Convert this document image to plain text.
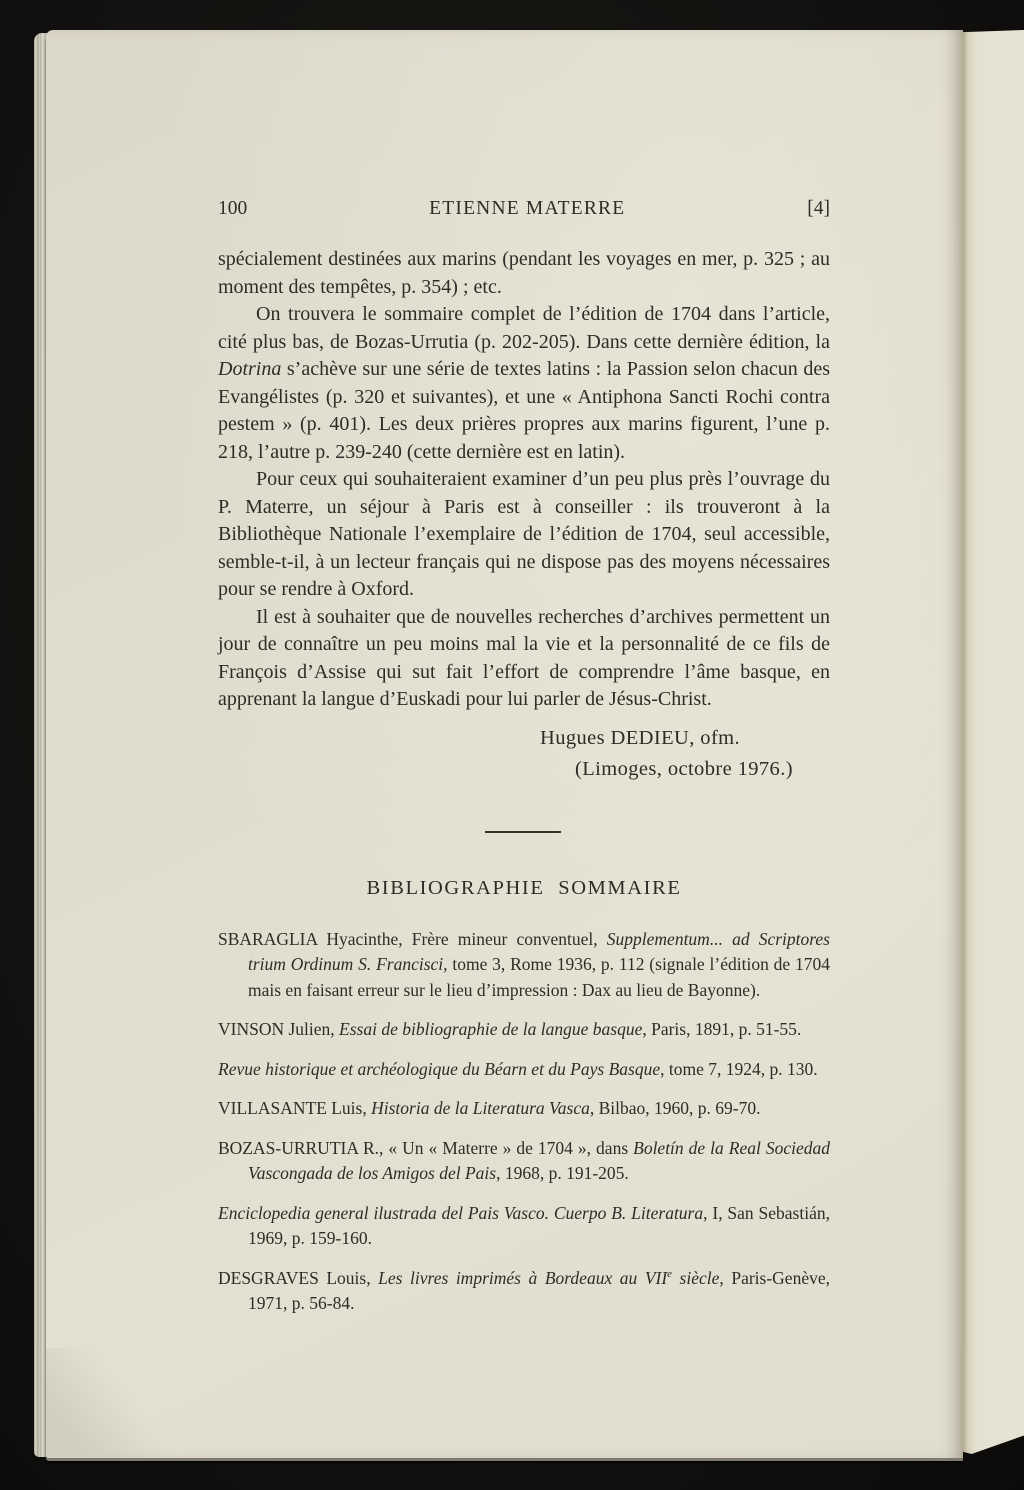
100	ETIENNE MATERRE	[4]

spécialement destinées aux marins (pendant les voyages en mer, p. 325 ; au moment des tempêtes, p. 354) ; etc.

On trouvera le sommaire complet de l’édition de 1704 dans l’article, cité plus bas, de Bozas-Urrutia (p. 202-205). Dans cette dernière édition, la Dotrina s’achève sur une série de textes latins : la Passion selon chacun des Evangélistes (p. 320 et suivantes), et une « Antiphona Sancti Rochi contra pestem » (p. 401). Les deux prières propres aux marins figurent, l’une p. 218, l’autre p. 239-240 (cette dernière est en latin).

Pour ceux qui souhaiteraient examiner d’un peu plus près l’ouvrage du P. Materre, un séjour à Paris est à conseiller : ils trouveront à la Bibliothèque Nationale l’exemplaire de l’édition de 1704, seul accessible, semble-t-il, à un lecteur français qui ne dispose pas des moyens nécessaires pour se rendre à Oxford.

Il est à souhaiter que de nouvelles recherches d’archives permettent un jour de connaître un peu moins mal la vie et la personnalité de ce fils de François d’Assise qui sut fait l’effort de comprendre l’âme basque, en apprenant la langue d’Euskadi pour lui parler de Jésus-Christ.

Hugues DEDIEU, ofm.

(Limoges, octobre 1976.)

BIBLIOGRAPHIE SOMMAIRE

SBARAGLIA Hyacinthe, Frère mineur conventuel, Supplementum... ad Scriptores trium Ordinum S. Francisci, tome 3, Rome 1936, p. 112 (signale l’édition de 1704 mais en faisant erreur sur le lieu d’impression : Dax au lieu de Bayonne).

VINSON Julien, Essai de bibliographie de la langue basque, Paris, 1891, p. 51-55.

Revue historique et archéologique du Béarn et du Pays Basque, tome 7, 1924, p. 130.

VILLASANTE Luis, Historia de la Literatura Vasca, Bilbao, 1960, p. 69-70.

BOZAS-URRUTIA R., « Un « Materre » de 1704 », dans Boletín de la Real Sociedad Vascongada de los Amigos del Pais, 1968, p. 191-205.

Enciclopedia general ilustrada del Pais Vasco. Cuerpo B. Literatura, I, San Sebastián, 1969, p. 159-160.

DESGRAVES Louis, Les livres imprimés à Bordeaux au VIIe siècle, Paris-Genève, 1971, p. 56-84.
